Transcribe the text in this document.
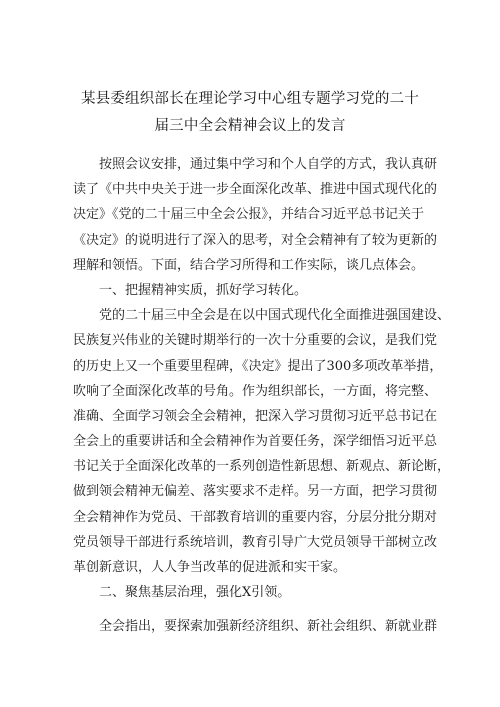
某县委组织部长在理论学习中心组专题学习党的二十
届三中全会精神会议上的发言
按照会议安排，通过集中学习和个人自学的方式，我认真研
读了《中共中央关于进一步全面深化改革、推进中国式现代化的
决定》《党的二十届三中全会公报》，并结合习近平总书记关于
《决定》的说明进行了深入的思考，对全会精神有了较为更新的
理解和领悟。下面，结合学习所得和工作实际，谈几点体会。
一、把握精神实质，抓好学习转化。
党的二十届三中全会是在以中国式现代化全面推进强国建设、
民族复兴伟业的关键时期举行的一次十分重要的会议，是我们党
的历史上又一个重要里程碑，《决定》提出了300多项改革举措，
吹响了全面深化改革的号角。作为组织部长，一方面，将完整、
准确、全面学习领会全会精神，把深入学习贯彻习近平总书记在
全会上的重要讲话和全会精神作为首要任务，深学细悟习近平总
书记关于全面深化改革的一系列创造性新思想、新观点、新论断，
做到领会精神无偏差、落实要求不走样。另一方面，把学习贯彻
全会精神作为党员、干部教育培训的重要内容，分层分批分期对
党员领导干部进行系统培训，教育引导广大党员领导干部树立改
革创新意识，人人争当改革的促进派和实干家。
二、聚焦基层治理，强化X引领。
全会指出，要探索加强新经济组织、新社会组织、新就业群
